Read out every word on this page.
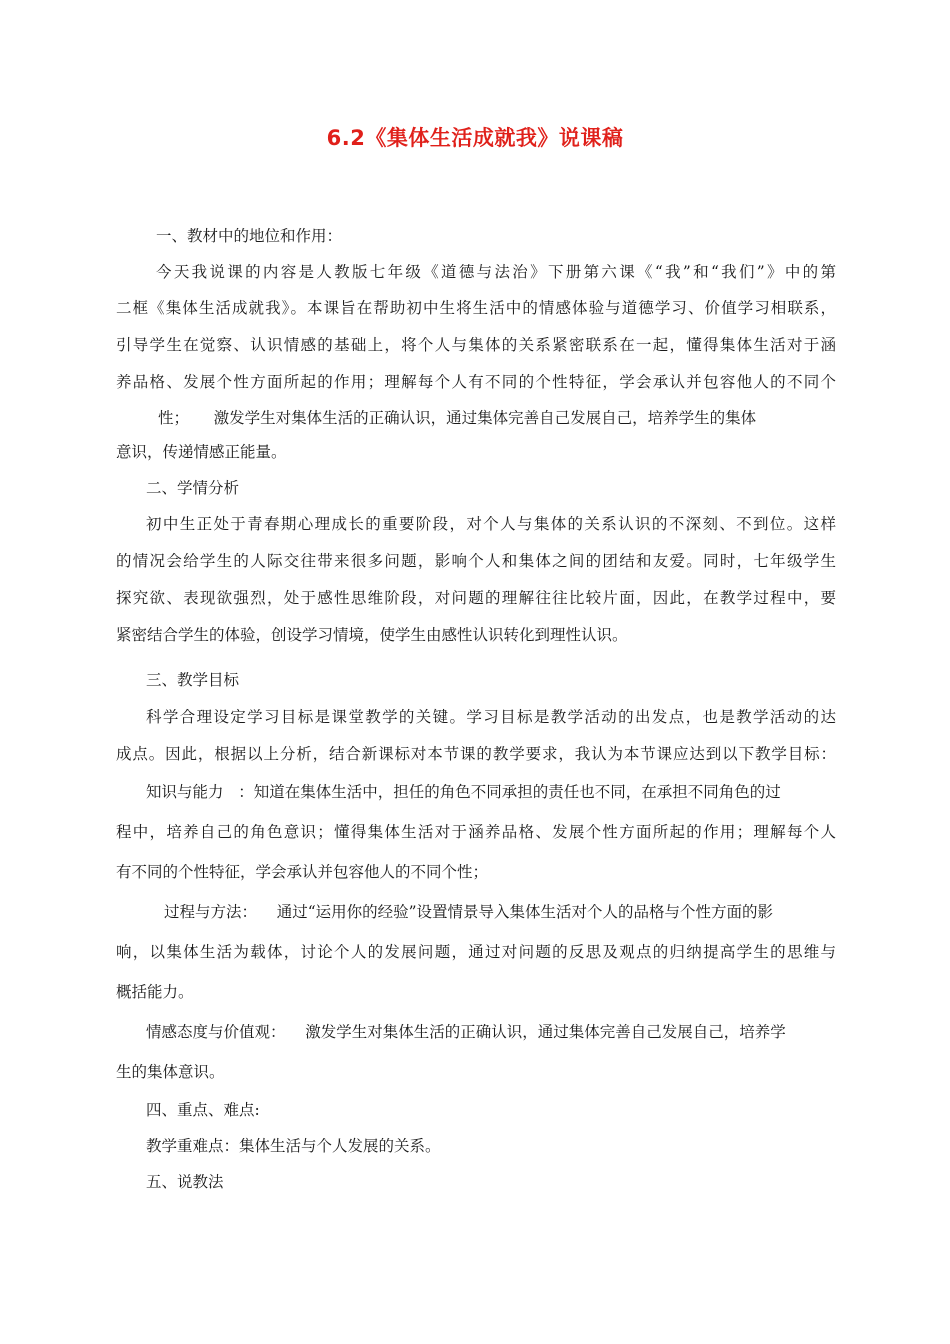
6.2《集体生活成就我》说课稿
一、教材中的地位和作用：
今天我说课的内容是人教版七年级《道德与法治》下册第六课《“我”和“我们”》中的第
二框《集体生活成就我》。本课旨在帮助初中生将生活中的情感体验与道德学习、价值学习相联系，
引导学生在觉察、认识情感的基础上，将个人与集体的关系紧密联系在一起，懂得集体生活对于涵
养品格、发展个性方面所起的作用；理解每个人有不同的个性特征，学会承认并包容他人的不同个
性；     激发学生对集体生活的正确认识，通过集体完善自己发展自己，培养学生的集体
意识，传递情感正能量。
二、学情分析
初中生正处于青春期心理成长的重要阶段，对个人与集体的关系认识的不深刻、不到位。这样
的情况会给学生的人际交往带来很多问题，影响个人和集体之间的团结和友爱。同时，七年级学生
探究欲、表现欲强烈，处于感性思维阶段，对问题的理解往往比较片面，因此，在教学过程中，要
紧密结合学生的体验，创设学习情境，使学生由感性认识转化到理性认识。
三、教学目标
科学合理设定学习目标是课堂教学的关键。学习目标是教学活动的出发点，也是教学活动的达
成点。因此，根据以上分析，结合新课标对本节课的教学要求，我认为本节课应达到以下教学目标：
知识与能力   ：知道在集体生活中，担任的角色不同承担的责任也不同，在承担不同角色的过
程中，培养自己的角色意识；懂得集体生活对于涵养品格、发展个性方面所起的作用；理解每个人
有不同的个性特征，学会承认并包容他人的不同个性；
过程与方法：    通过“运用你的经验”设置情景导入集体生活对个人的品格与个性方面的影
响，以集体生活为载体，讨论个人的发展问题，通过对问题的反思及观点的归纳提高学生的思维与
概括能力。
情感态度与价值观：    激发学生对集体生活的正确认识，通过集体完善自己发展自己，培养学
生的集体意识。
四、重点、难点:
教学重难点：集体生活与个人发展的关系。
五、说教法
